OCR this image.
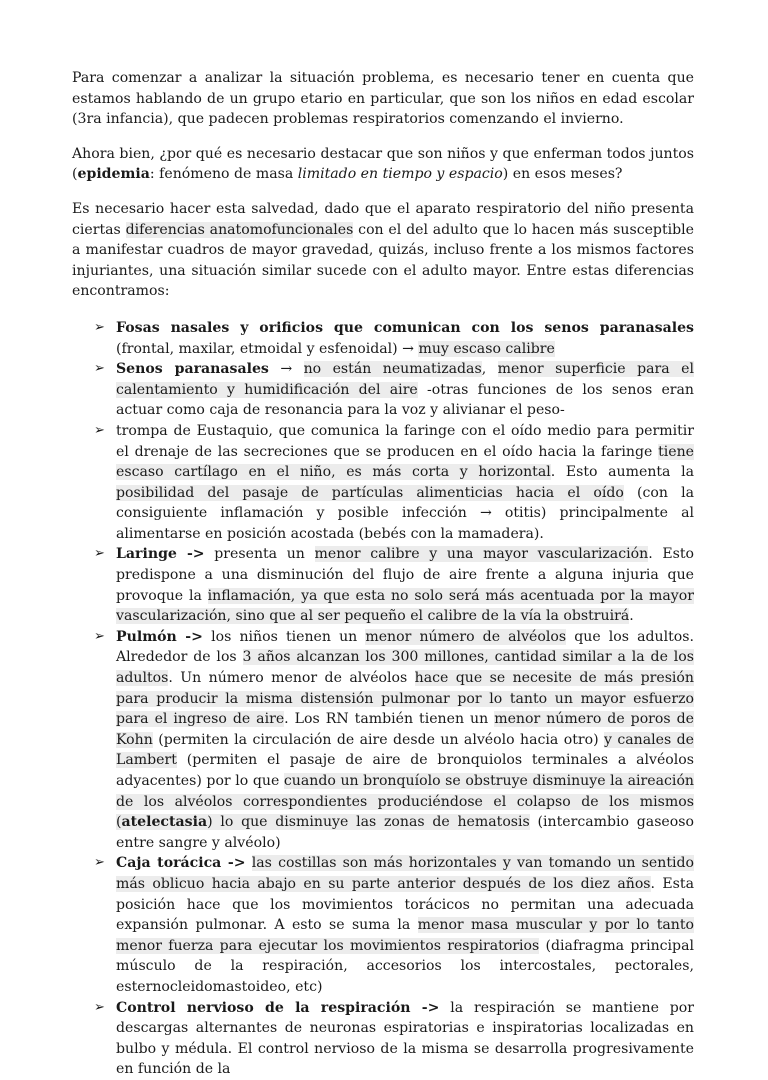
Para comenzar a analizar la situación problema, es necesario tener en cuenta que estamos hablando de un grupo etario en particular, que son los niños en edad escolar (3ra infancia), que padecen problemas respiratorios comenzando el invierno.

Ahora bien, ¿por qué es necesario destacar que son niños y que enferman todos juntos (epidemia: fenómeno de masa limitado en tiempo y espacio) en esos meses?

Es necesario hacer esta salvedad, dado que el aparato respiratorio del niño presenta ciertas diferencias anatomofuncionales con el del adulto que lo hacen más susceptible a manifestar cuadros de mayor gravedad, quizás, incluso frente a los mismos factores injuriantes, una situación similar sucede con el adulto mayor. Entre estas diferencias encontramos:

➢ Fosas nasales y orificios que comunican con los senos paranasales (frontal, maxilar, etmoidal y esfenoidal) → muy escaso calibre
➢ Senos paranasales → no están neumatizadas, menor superficie para el calentamiento y humidificación del aire -otras funciones de los senos eran actuar como caja de resonancia para la voz y alivianar el peso-
➢ trompa de Eustaquio, que comunica la faringe con el oído medio para permitir el drenaje de las secreciones que se producen en el oído hacia la faringe tiene escaso cartílago en el niño, es más corta y horizontal. Esto aumenta la posibilidad del pasaje de partículas alimenticias hacia el oído (con la consiguiente inflamación y posible infección → otitis) principalmente al alimentarse en posición acostada (bebés con la mamadera).
➢ Laringe -> presenta un menor calibre y una mayor vascularización. Esto predispone a una disminución del flujo de aire frente a alguna injuria que provoque la inflamación, ya que esta no solo será más acentuada por la mayor vascularización, sino que al ser pequeño el calibre de la vía la obstruirá.
➢ Pulmón -> los niños tienen un menor número de alvéolos que los adultos. Alrededor de los 3 años alcanzan los 300 millones, cantidad similar a la de los adultos. Un número menor de alvéolos hace que se necesite de más presión para producir la misma distensión pulmonar por lo tanto un mayor esfuerzo para el ingreso de aire. Los RN también tienen un menor número de poros de Kohn (permiten la circulación de aire desde un alvéolo hacia otro) y canales de Lambert (permiten el pasaje de aire de bronquiolos terminales a alvéolos adyacentes) por lo que cuando un bronquíolo se obstruye disminuye la aireación de los alvéolos correspondientes produciéndose el colapso de los mismos (atelectasia) lo que disminuye las zonas de hematosis (intercambio gaseoso entre sangre y alvéolo)
➢ Caja torácica -> las costillas son más horizontales y van tomando un sentido más oblicuo hacia abajo en su parte anterior después de los diez años. Esta posición hace que los movimientos torácicos no permitan una adecuada expansión pulmonar. A esto se suma la menor masa muscular y por lo tanto menor fuerza para ejecutar los movimientos respiratorios (diafragma principal músculo de la respiración, accesorios los intercostales, pectorales, esternocleidomastoideo, etc)
➢ Control nervioso de la respiración -> la respiración se mantiene por descargas alternantes de neuronas espiratorias e inspiratorias localizadas en bulbo y médula. El control nervioso de la misma se desarrolla progresivamente en función de la
